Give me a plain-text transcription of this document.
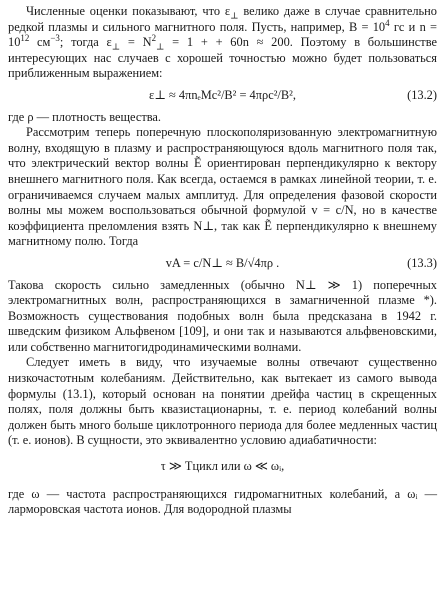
Численные оценки показывают, что $\varepsilon_\perp$ велико даже в случае сравнительно редкой плазмы и сильного магнитного поля. Пусть, например, $B = 10^4$ гс и $n = 10^{12}$ $см^{-3}$; тогда $\varepsilon_\perp = N^2_\perp = 1$ + + 60n ≈ 200. Поэтому в большинстве интересующих нас случаев с хорошей точностью можно будет пользоваться приближенным выражением:

ε⊥ ≈ 4πnₑMc²/B² = 4πρc²/B²,	(13.2)

где ρ — плотность вещества.

Рассмотрим теперь поперечную плоскополяризованную электромагнитную волну, входящую в плазму и распространяющуюся вдоль магнитного поля так, что электрический вектор волны Ẽ ориентирован перпендикулярно к вектору внешнего магнитного поля. Как всегда, остаемся в рамках линейной теории, т. е. ограничиваемся случаем малых амплитуд. Для определения фазовой скорости волны мы можем воспользоваться обычной формулой v = c/N, но в качестве коэффициента преломления взять N⊥, так как Ẽ перпендикулярно к внешнему магнитному полю. Тогда

vA = c/N⊥ ≈ B/√4πρ .	(13.3)

Такова скорость сильно замедленных (обычно N⊥ ≫ 1) поперечных электромагнитных волн, распространяющихся в замагниченной плазме *). Возможность существования подобных волн была предсказана в 1942 г. шведским физиком Альфвеном [109], и они так и называются альфвеновскими, или собственно магнитогидродинамическими волнами.

Следует иметь в виду, что изучаемые волны отвечают существенно низкочастотным колебаниям. Действительно, как вытекает из самого вывода формулы (13.1), который основан на понятии дрейфа частиц в скрещенных полях, поля должны быть квазистационарны, т. е. период колебаний волны должен быть много больше циклотронного периода для более медленных частиц (т. е. ионов). В сущности, это эквивалентно условию адиабатичности:

τ ≫ Tцикл или ω ≪ ωᵢ,

где ω — частота распространяющихся гидромагнитных колебаний, а ωᵢ — ларморовская частота ионов. Для водородной плазмы
